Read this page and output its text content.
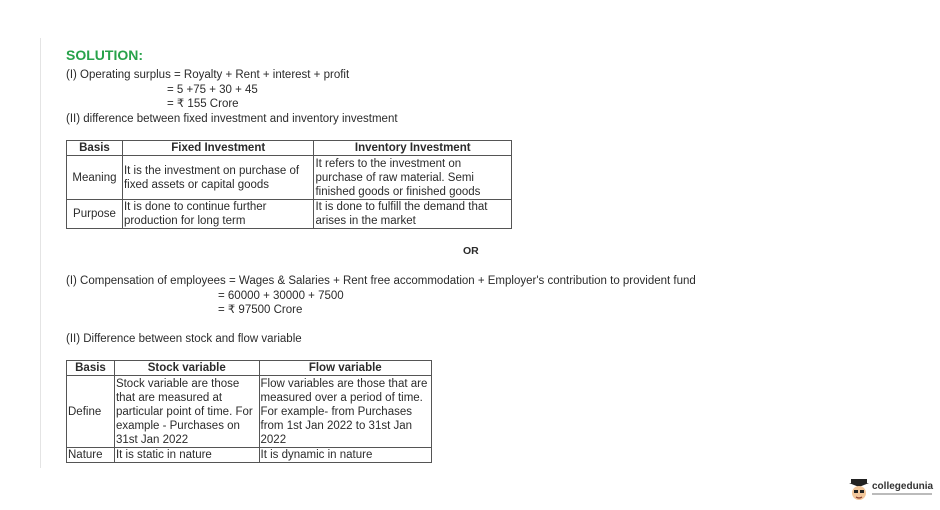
SOLUTION:
(I) Operating surplus = Royalty + Rent + interest + profit
= 5 +75 + 30 + 45
= ₹ 155 Crore
(II) difference between fixed investment and inventory investment
Basis	Fixed Investment	Inventory Investment
Meaning	It is the investment on purchase of fixed assets or capital goods	It refers to the investment on purchase of raw material. Semi finished goods or finished goods
Purpose	It is done to continue further production for long term	It is done to fulfill the demand that arises in the market
OR
(I) Compensation of employees = Wages & Salaries + Rent free accommodation + Employer's contribution to provident fund
= 60000 + 30000 + 7500
= ₹ 97500 Crore
(II) Difference between stock and flow variable
Basis	Stock variable	Flow variable
Define	Stock variable are those that are measured at particular point of time. For example - Purchases on 31st Jan 2022	Flow variables are those that are measured over a period of time. For example- from Purchases from 1st Jan 2022 to 31st Jan 2022
Nature	It is static in nature	It is dynamic in nature
collegedunia
